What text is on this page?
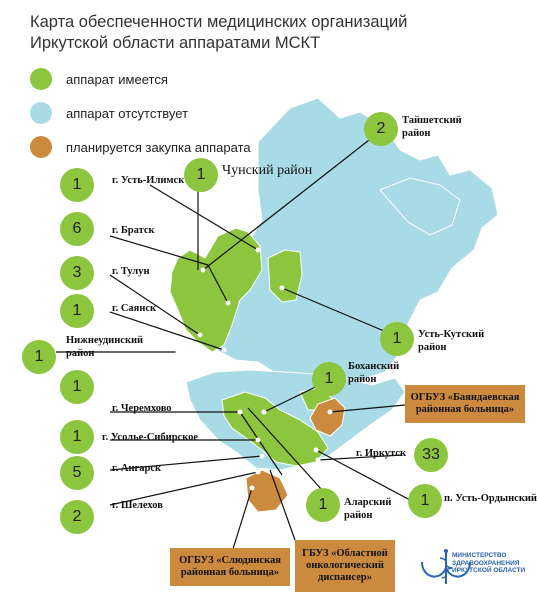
Карта обеспеченности медицинских организаций
Иркутской области аппаратами МСКТ
аппарат имеется
аппарат отсутствует
планируется закупка аппарата
2	Тайшетский район
1	Чунский район
1	г. Усть-Илимск
6	г. Братск
3	г. Тулун
1	г. Саянск
1
Нижнеудинский район
1	Усть-Кутский район
1
Боханский район
1
г. Черемхово
1	г. Усолье-Сибирское
5	г. Ангарск
2
г. Шелехов
33
г. Иркутск
1	Аларский район
1	п. Усть-Ордынский
ОГБУЗ «Баяндаевская районная больница»
ОГБУЗ «Слюдянская районная больница»
ГБУЗ «Областной онкологический диспансер»
МИНИСТЕРСТВО
ЗДРАВООХРАНЕНИЯ
ИРКУТСКОЙ ОБЛАСТИ
